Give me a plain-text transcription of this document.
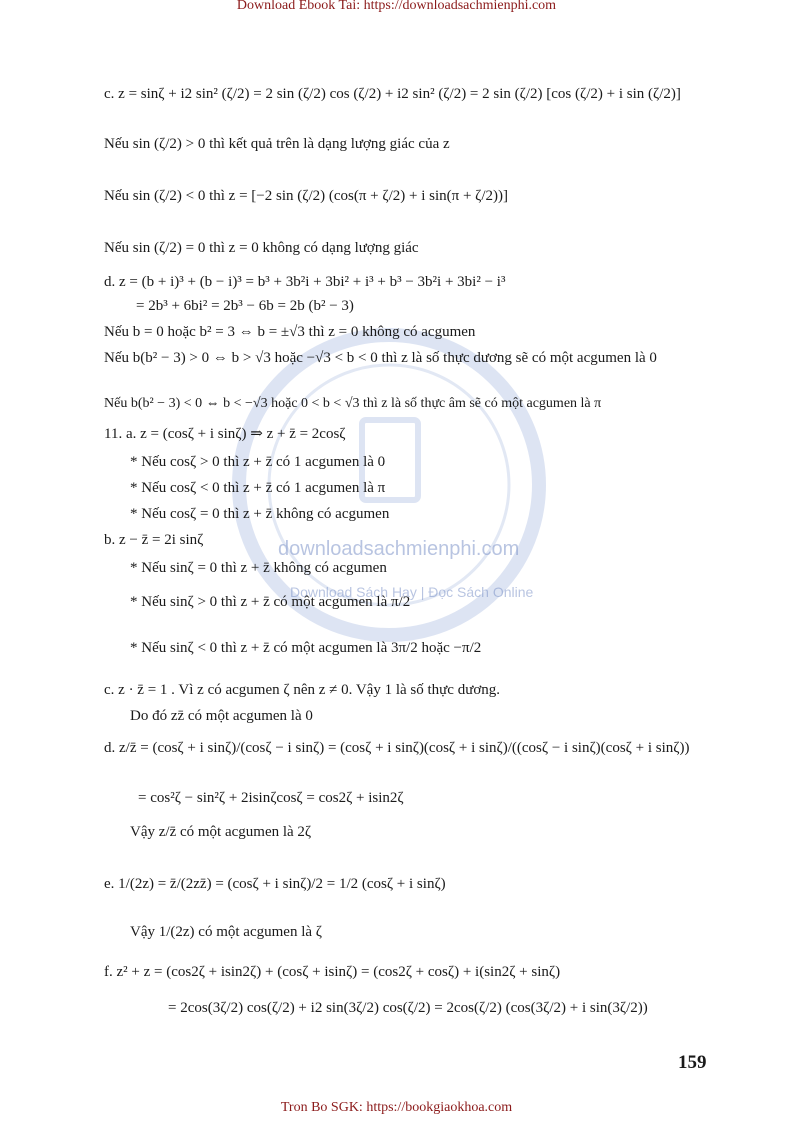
Download Ebook Tai: https://downloadsachmienphi.com
downloadsachmienphi.com
Download Sách Hay | Đọc Sách Online
c. z = sinζ + i2 sin² (ζ/2) = 2 sin (ζ/2) cos (ζ/2) + i2 sin² (ζ/2) = 2 sin (ζ/2) [cos (ζ/2) + i sin (ζ/2)]
Nếu sin (ζ/2) > 0 thì kết quả trên là dạng lượng giác của z
Nếu sin (ζ/2) < 0 thì z = [−2 sin (ζ/2) (cos(π + ζ/2) + i sin(π + ζ/2))]
Nếu sin (ζ/2) = 0 thì z = 0 không có dạng lượng giác
d. z = (b + i)³ + (b − i)³ = b³ + 3b²i + 3bi² + i³ + b³ − 3b²i + 3bi² − i³
= 2b³ + 6bi² = 2b³ − 6b = 2b (b² − 3)
Nếu b = 0 hoặc b² = 3 ⇔ b = ±√3 thì z = 0 không có acgumen
Nếu b(b² − 3) > 0 ⇔ b > √3 hoặc −√3 < b < 0 thì z là số thực dương sẽ có một acgumen là 0
Nếu b(b² − 3) < 0 ⇔ b < −√3 hoặc 0 < b < √3 thì z là số thực âm sẽ có một acgumen là π
11. a. z = (cosζ + i sinζ) ⇒ z + z̄ = 2cosζ
* Nếu cosζ > 0 thì z + z̄ có 1 acgumen là 0
* Nếu cosζ < 0 thì z + z̄ có 1 acgumen là π
* Nếu cosζ = 0 thì z + z̄ không có acgumen
b. z − z̄ = 2i sinζ
* Nếu sinζ = 0 thì z + z̄ không có acgumen
* Nếu sinζ > 0 thì z + z̄ có một acgumen là π/2
* Nếu sinζ < 0 thì z + z̄ có một acgumen là 3π/2 hoặc −π/2
c. z · z̄ = 1 . Vì z có acgumen ζ nên z ≠ 0. Vậy 1 là số thực dương.
Do đó zz̄ có một acgumen là 0
d. z/z̄ = (cosζ + i sinζ)/(cosζ − i sinζ) = (cosζ + i sinζ)(cosζ + i sinζ)/((cosζ − i sinζ)(cosζ + i sinζ))
= cos²ζ − sin²ζ + 2isinζcosζ = cos2ζ + isin2ζ
Vậy z/z̄ có một acgumen là 2ζ
e. 1/(2z) = z̄/(2zz̄) = (cosζ + i sinζ)/2 = 1/2 (cosζ + i sinζ)
Vậy 1/(2z) có một acgumen là ζ
f. z² + z = (cos2ζ + isin2ζ) + (cosζ + isinζ) = (cos2ζ + cosζ) + i(sin2ζ + sinζ)
= 2cos(3ζ/2) cos(ζ/2) + i2 sin(3ζ/2) cos(ζ/2) = 2cos(ζ/2) (cos(3ζ/2) + i sin(3ζ/2))
159
Tron Bo SGK: https://bookgiaokhoa.com
